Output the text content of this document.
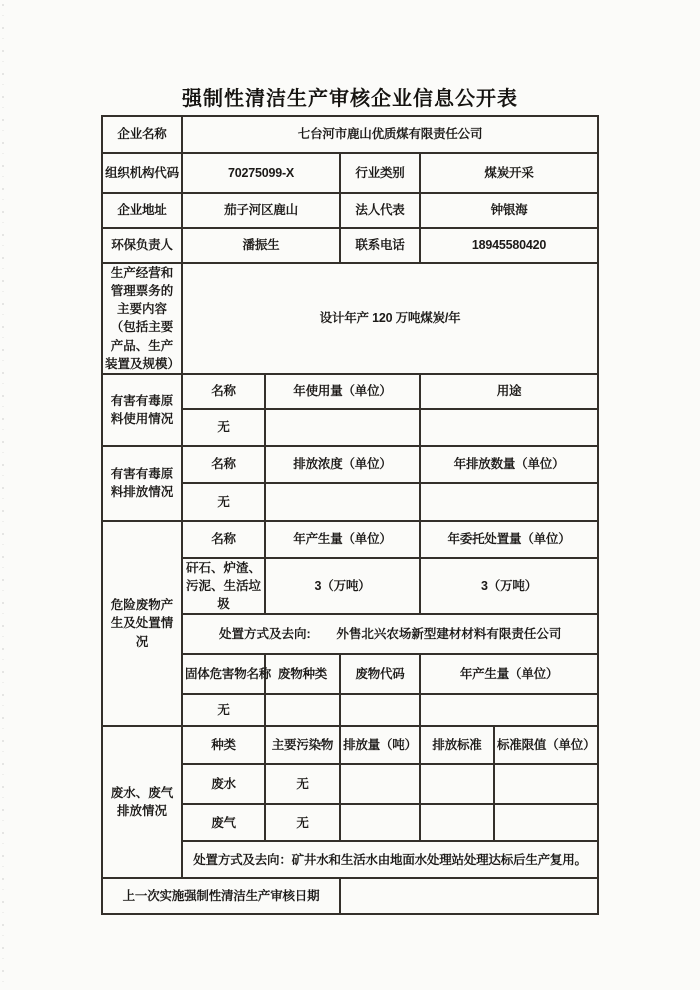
强制性清洁生产审核企业信息公开表
企业名称	七台河市鹿山优质煤有限责任公司				
组织机构代码	70275099-X		行业类别	煤炭开采	
企业地址	茄子河区鹿山		法人代表	钟银海	
环保负责人	潘振生		联系电话	18945580420	
生产经营和管理票务的主要内容（包括主要产品、生产装置及规模）	设计年产 120 万吨煤炭/年				
有害有毒原料使用情况	名称	年使用量（单位）		用途	
	无				
有害有毒原料排放情况	名称	排放浓度（单位）		年排放数量（单位）	
	无				
危险废物产生及处置情况	名称	年产生量（单位）		年委托处置量（单位）	
	矸石、炉渣、污泥、生活垃圾	3（万吨）		3（万吨）	

	处置方式及去向: 外售北兴农场新型建材材料有限责任公司				

	固体危害物名称	废物种类	废物代码	年产生量（单位）	
	无				
废水、废气排放情况	种类	主要污染物	排放量（吨）	排放标准	标准限值（单位）
	废水	无			
	废气	无			
	处置方式及去向：矿井水和生活水由地面水处理站处理达标后生产复用。				
上一次实施强制性清洁生产审核日期					
